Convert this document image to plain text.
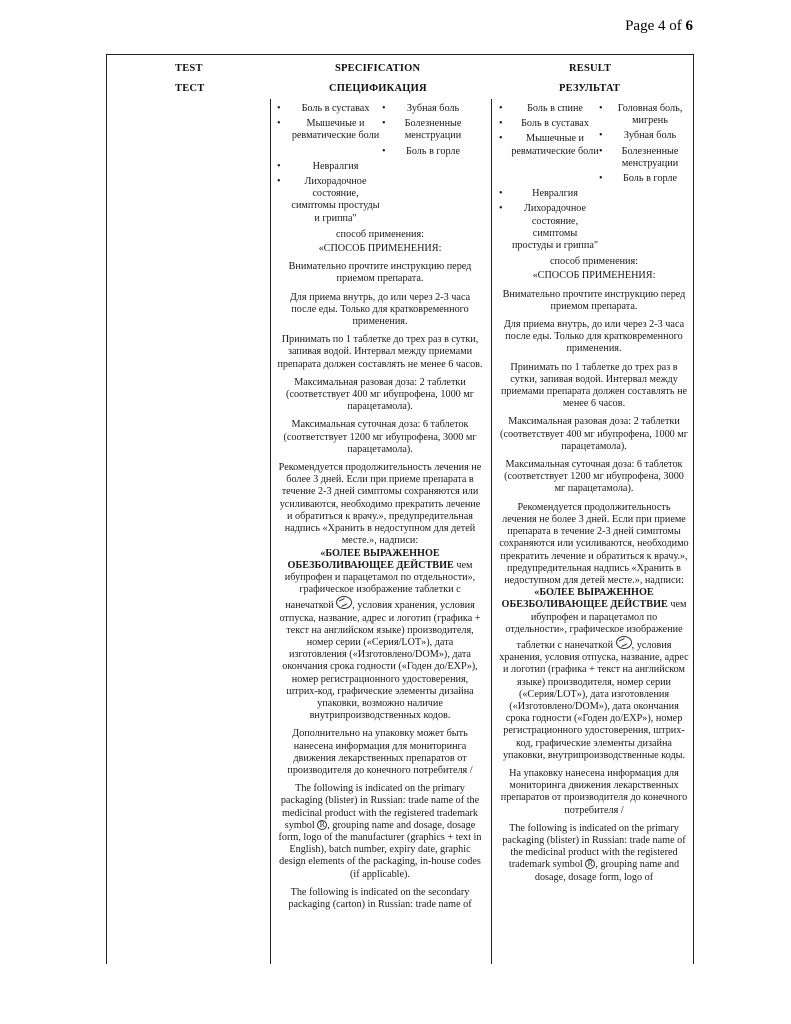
Page 4 of 6
TEST
ТЕСТ
SPECIFICATION
СПЕЦИФИКАЦИЯ
RESULT
РЕЗУЛЬТАТ
• Боль в суставах
• Мышечные и ревматические боли
• Зубная боль
• Болезненные менструации
• Боль в горле
• Невралгия
• Лихорадочное состояние, симптомы простуды и гриппа"

способ применения:

«СПОСОБ ПРИМЕНЕНИЯ:

Внимательно прочтите инструкцию перед приемом препарата.

Для приема внутрь, до или через 2-3 часа после еды. Только для кратковременного применения.

Принимать по 1 таблетке до трех раз в сутки, запивая водой. Интервал между приемами препарата должен составлять не менее 6 часов.

Максимальная разовая доза: 2 таблетки (соответствует 400 мг ибупрофена, 1000 мг парацетамола).

Максимальная суточная доза: 6 таблеток (соответствует 1200 мг ибупрофена, 3000 мг парацетамола).

Рекомендуется продолжительность лечения не более 3 дней. Если при приеме препарата в течение 2-3 дней симптомы сохраняются или усиливаются, необходимо прекратить лечение и обратиться к врачу.», предупредительная надпись «Хранить в недоступном для детей месте.», надписи:

«БОЛЕЕ ВЫРАЖЕННОЕ ОБЕЗБОЛИВАЮЩЕЕ ДЕЙСТВИЕ чем ибупрофен и парацетамол по отдельности», графическое изображение таблетки с нанечаткой , условия хранения, условия отпуска, название, адрес и логотип (графика + текст на английском языке) производителя, номер серии («Серия/LOT»), дата изготовления («Изготовлено/DOM»), дата окончания срока годности («Годен до/EXP»), номер регистрационного удостоверения, штрих-код, графические элементы дизайна упаковки, возможно наличие внутрипроизводственных кодов.

Дополнительно на упаковку может быть нанесена информация для мониторинга движения лекарственных препаратов от производителя до конечного потребителя /

The following is indicated on the primary packaging (blister) in Russian: trade name of the medicinal product with the registered trademark symbol R , grouping name and dosage, dosage form, logo of the manufacturer (graphics + text in English), batch number, expiry date, graphic design elements of the packaging, in-house codes (if applicable).

The following is indicated on the secondary packaging (carton) in Russian: trade name of

• Боль в спине
• Боль в суставах
• Мышечные и ревматические боли
• Головная боль, мигрень
• Зубная боль
• Болезненные менструации
• Боль в горле
• Невралгия
• Лихорадочное состояние, симптомы простуды и гриппа"

способ применения:

«СПОСОБ ПРИМЕНЕНИЯ:

Внимательно прочтите инструкцию перед приемом препарата.

Для приема внутрь, до или через 2-3 часа после еды. Только для кратковременного применения.

Принимать по 1 таблетке до трех раз в сутки, запивая водой. Интервал между приемами препарата должен составлять не менее 6 часов.

Максимальная разовая доза: 2 таблетки (соответствует 400 мг ибупрофена, 1000 мг парацетамола).

Максимальная суточная доза: 6 таблеток (соответствует 1200 мг ибупрофена, 3000 мг парацетамола).

Рекомендуется продолжительность лечения не более 3 дней. Если при приеме препарата в течение 2-3 дней симптомы сохраняются или усиливаются, необходимо прекратить лечение и обратиться к врачу.», предупредительная надпись «Хранить в недоступном для детей месте.», надписи: «БОЛЕЕ ВЫРАЖЕННОЕ ОБЕЗБОЛИВАЮЩЕЕ ДЕЙСТВИЕ чем ибупрофен и парацетамол по отдельности», графическое изображение таблетки с нанечаткой , условия хранения, условия отпуска, название, адрес и логотип (графика + текст на английском языке) производителя, номер серии («Серия/LOT»), дата изготовления («Изготовлено/DOM»), дата окончания срока годности («Годен до/EXP»), номер регистрационного удостоверения, штрих-код, графические элементы дизайна упаковки, внутрипроизводственные коды.

На упаковку нанесена информация для мониторинга движения лекарственных препаратов от производителя до конечного потребителя /

The following is indicated on the primary packaging (blister) in Russian: trade name of the medicinal product with the registered trademark symbol R , grouping name and dosage, dosage form, logo of
